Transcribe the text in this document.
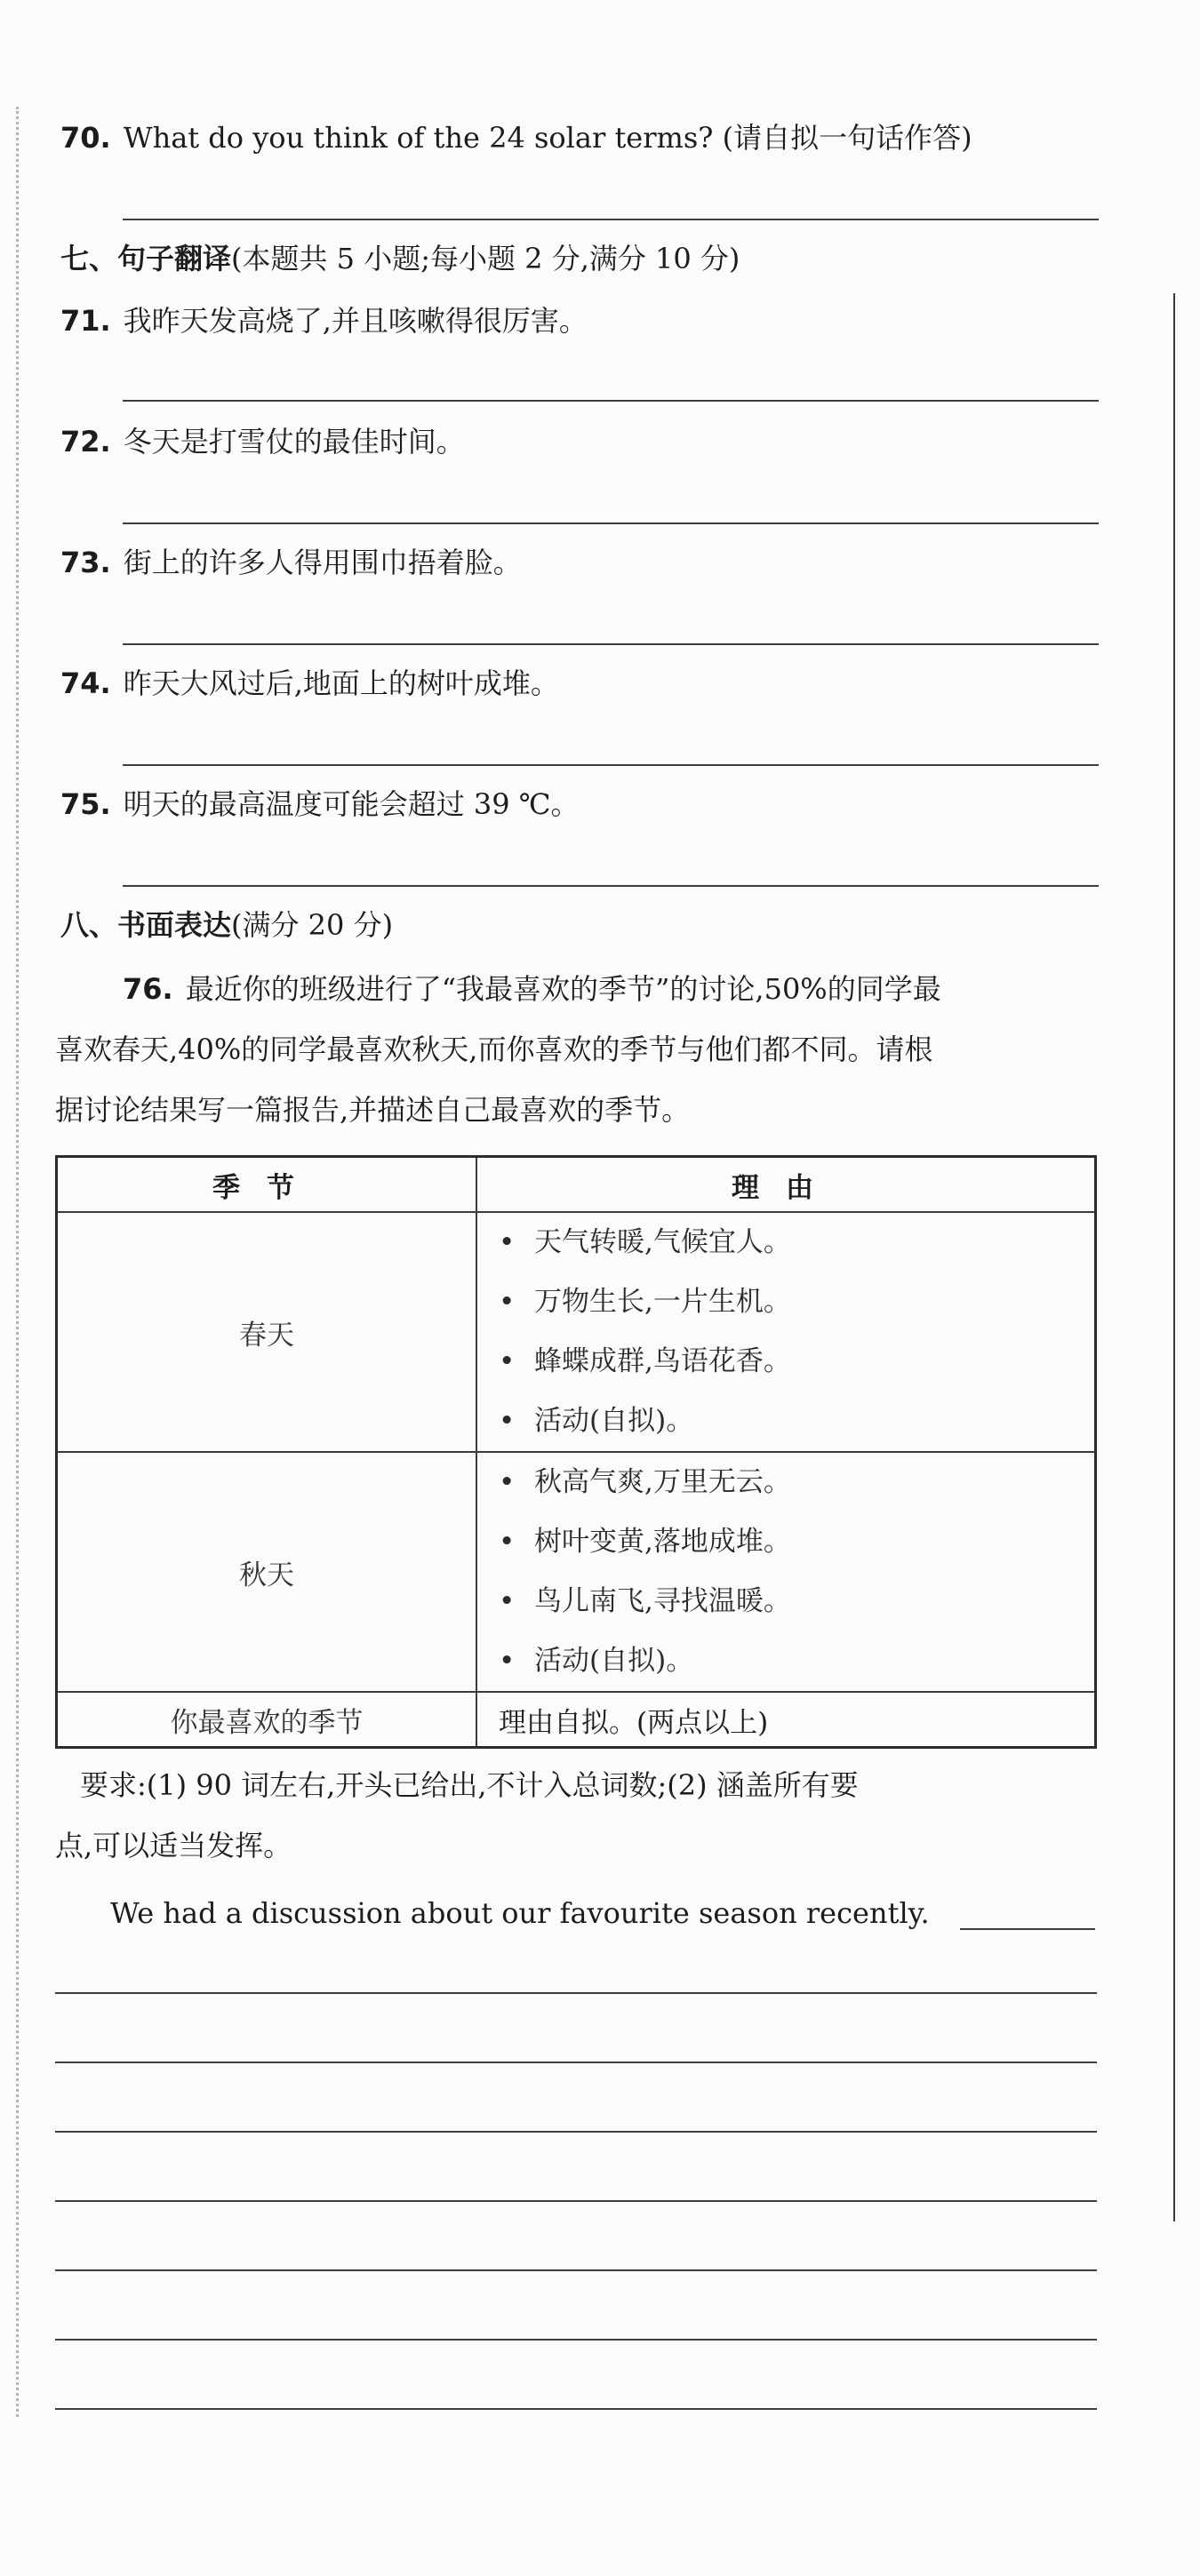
70. What do you think of the 24 solar terms? (请自拟一句话作答)
七、句子翻译(本题共 5 小题;每小题 2 分,满分 10 分)
71. 我昨天发高烧了,并且咳嗽得很厉害。
72. 冬天是打雪仗的最佳时间。
73. 街上的许多人得用围巾捂着脸。
74. 昨天大风过后,地面上的树叶成堆。
75. 明天的最高温度可能会超过 39 ℃。
八、书面表达(满分 20 分)
76. 最近你的班级进行了“我最喜欢的季节”的讨论,50%的同学最
喜欢春天,40%的同学最喜欢秋天,而你喜欢的季节与他们都不同。请根
据讨论结果写一篇报告,并描述自己最喜欢的季节。
季节	理由
春天	• 天气转暖,气候宜人。
• 万物生长,一片生机。
• 蜂蝶成群,鸟语花香。
• 活动(自拟)。

秋天	• 秋高气爽,万里无云。
• 树叶变黄,落地成堆。
• 鸟儿南飞,寻找温暖。
• 活动(自拟)。

你最喜欢的季节	理由自拟。(两点以上)
要求:(1) 90 词左右,开头已给出,不计入总词数;(2) 涵盖所有要
点,可以适当发挥。
We had a discussion about our favourite season recently.
